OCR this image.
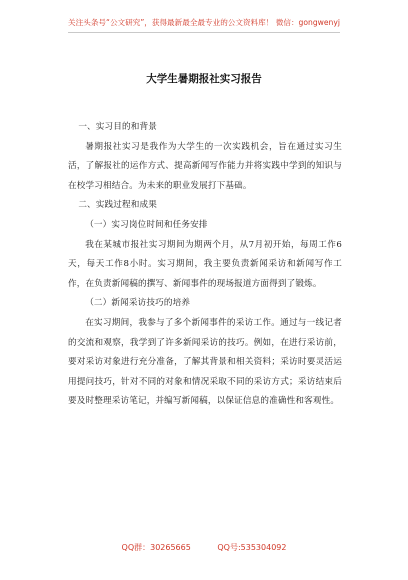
关注头条号“公文研究”，获得最新最全最专业的公文资料库！ 微信：gongwenyj
大学生暑期报社实习报告

一、实习目的和背景

暑期报社实习是我作为大学生的一次实践机会，旨在通过实习生活，了解报社的运作方式、提高新闻写作能力并将实践中学到的知识与在校学习相结合。为未来的职业发展打下基础。

二、实践过程和成果

（一）实习岗位时间和任务安排

我在某城市报社实习期间为期两个月，从7月初开始，每周工作6天，每天工作8小时。实习期间，我主要负责新闻采访和新闻写作工作，在负责新闻稿的撰写、新闻事件的现场报道方面得到了锻炼。

（二）新闻采访技巧的培养

在实习期间，我参与了多个新闻事件的采访工作。通过与一线记者的交流和观察，我学到了许多新闻采访的技巧。例如，在进行采访前，要对采访对象进行充分准备，了解其背景和相关资料；采访时要灵活运用提问技巧，针对不同的对象和情况采取不同的采访方式；采访结束后要及时整理采访笔记，并编写新闻稿，以保证信息的准确性和客观性。

QQ群：30265665	QQ号:535304092
